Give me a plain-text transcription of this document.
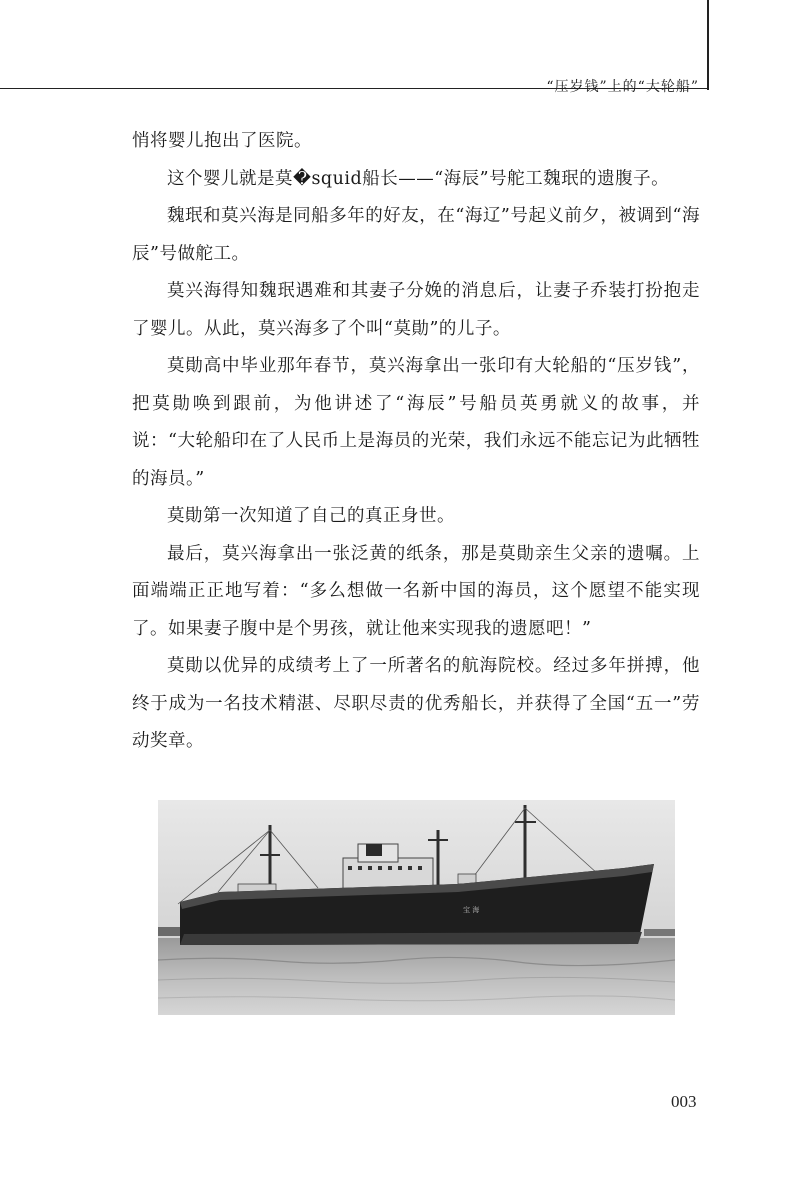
“压岁钱”上的“大轮船”

悄将婴儿抱出了医院。

这个婴儿就是莫�squid船长——“海辰”号舵工魏珉的遗腹子。

魏珉和莫兴海是同船多年的好友，在“海辽”号起义前夕，被调到“海辰”号做舵工。

莫兴海得知魏珉遇难和其妻子分娩的消息后，让妻子乔装打扮抱走了婴儿。从此，莫兴海多了个叫“莫勛”的儿子。

莫勛高中毕业那年春节，莫兴海拿出一张印有大轮船的“压岁钱”，把莫勛唤到跟前，为他讲述了“海辰”号船员英勇就义的故事，并说：“大轮船印在了人民币上是海员的光荣，我们永远不能忘记为此牺牲的海员。”

莫勛第一次知道了自己的真正身世。

最后，莫兴海拿出一张泛黄的纸条，那是莫勛亲生父亲的遗嘱。上面端端正正地写着：“多么想做一名新中国的海员，这个愿望不能实现了。如果妻子腹中是个男孩，就让他来实现我的遗愿吧！”

莫勛以优异的成绩考上了一所著名的航海院校。经过多年拼搏，他终于成为一名技术精湛、尽职尽责的优秀船长，并获得了全国“五一”劳动奖章。

宝 海
003
